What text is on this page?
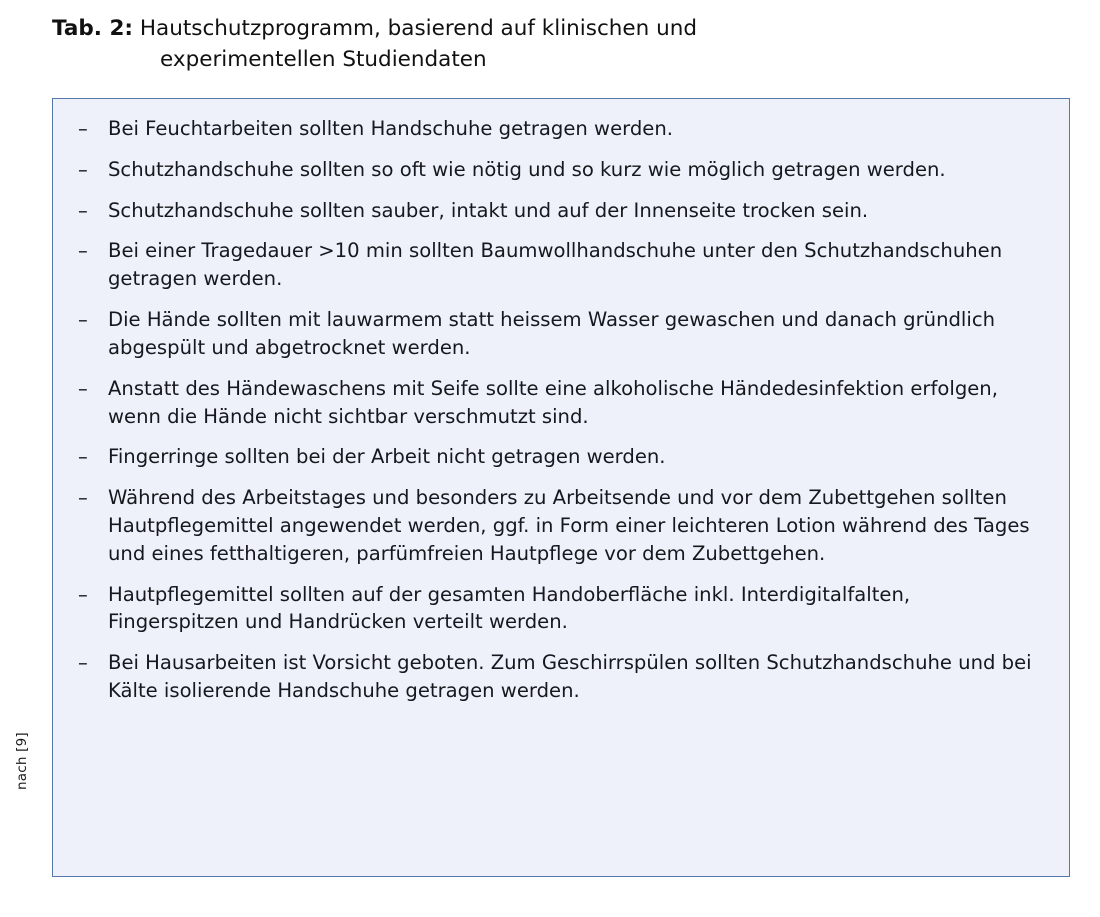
Tab. 2: Hautschutzprogramm, basierend auf klinischen und
experimentellen Studiendaten
nach [9]
– Bei Feuchtarbeiten sollten Handschuhe getragen werden.
– Schutzhandschuhe sollten so oft wie nötig und so kurz wie möglich getragen werden.
– Schutzhandschuhe sollten sauber, intakt und auf der Innenseite trocken sein.
– Bei einer Tragedauer >10 min sollten Baumwollhandschuhe unter den Schutzhandschuhen getragen werden.
– Die Hände sollten mit lauwarmem statt heissem Wasser gewaschen und danach gründlich abgespült und abgetrocknet werden.
– Anstatt des Händewaschens mit Seife sollte eine alkoholische Händedesinfektion erfolgen, wenn die Hände nicht sichtbar verschmutzt sind.
– Fingerringe sollten bei der Arbeit nicht getragen werden.
– Während des Arbeitstages und besonders zu Arbeitsende und vor dem Zubettgehen sollten Hautpflegemittel angewendet werden, ggf. in Form einer leichteren Lotion während des Tages und eines fetthaltigeren, parfümfreien Hautpflege vor dem Zubettgehen.
– Hautpflegemittel sollten auf der gesamten Handoberfläche inkl. Interdigitalfalten, Fingerspitzen und Handrücken verteilt werden.
– Bei Hausarbeiten ist Vorsicht geboten. Zum Geschirrspülen sollten Schutzhandschuhe und bei Kälte isolierende Handschuhe getragen werden.
